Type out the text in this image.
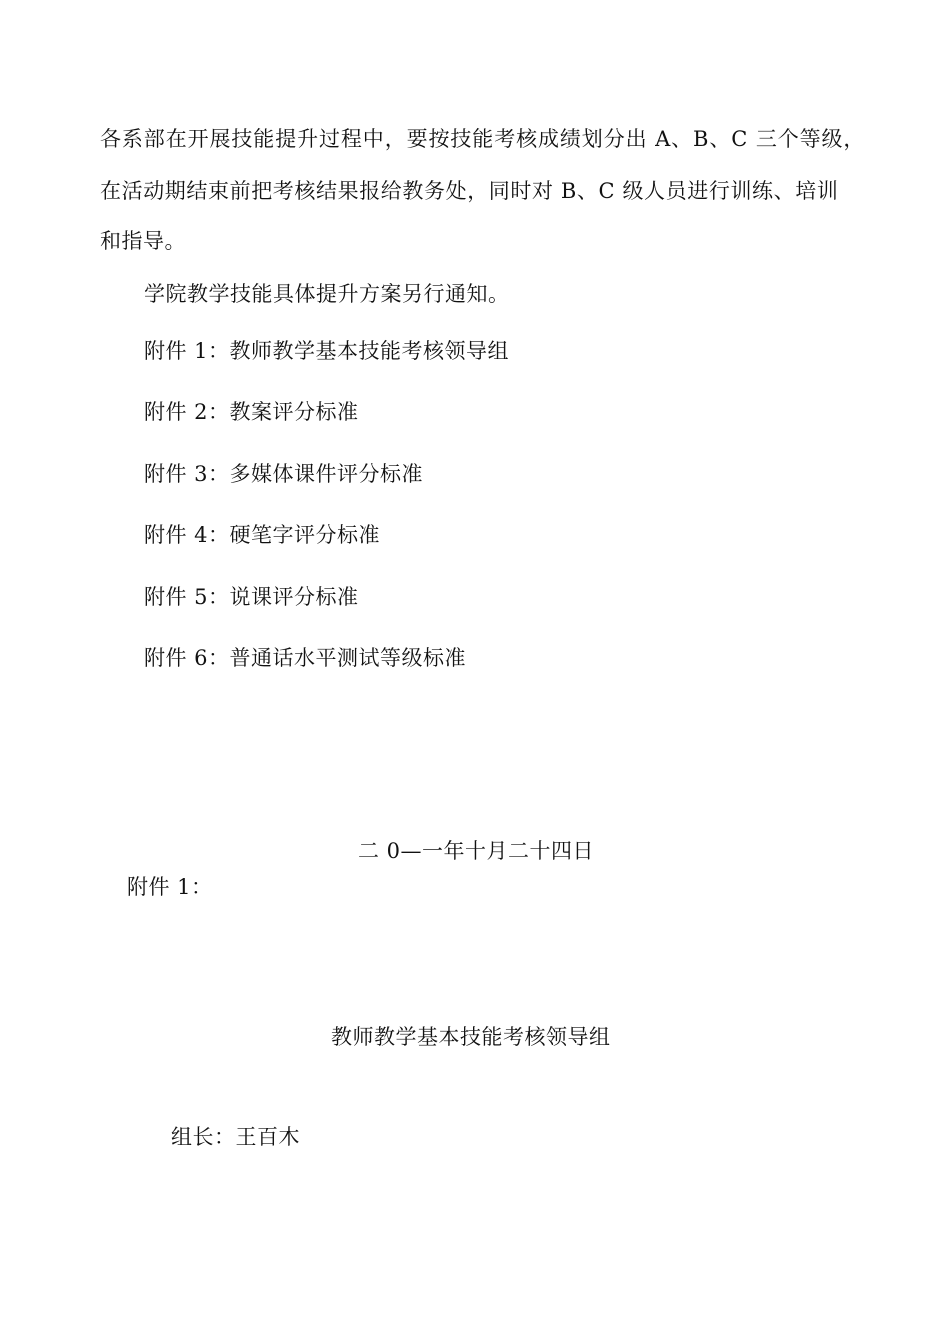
各系部在开展技能提升过程中，要按技能考核成绩划分出 A、B、C 三个等级，
在活动期结束前把考核结果报给教务处，同时对 B、C 级人员进行训练、培训
和指导。
学院教学技能具体提升方案另行通知。
附件 1：教师教学基本技能考核领导组
附件 2：教案评分标准
附件 3：多媒体课件评分标准
附件 4：硬笔字评分标准
附件 5：说课评分标准
附件 6：普通话水平测试等级标准
二 0—一年十月二十四日
附件 1：
教师教学基本技能考核领导组
组长：王百木
